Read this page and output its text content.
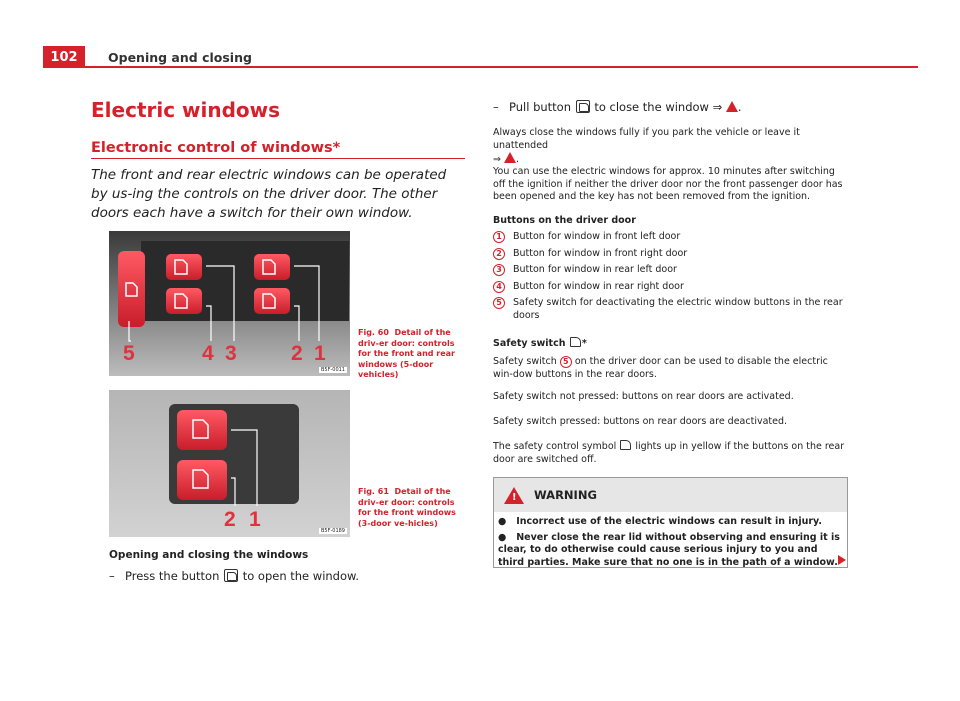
102	Opening and closing
Electric windows
Electronic control of windows*
The front and rear electric windows can be operated by us-ing the controls on the driver door. The other doors each have a switch for their own window.
5	4 3	2 1
B5F-0011
Fig. 60 Detail of the driv-er door: controls for the front and rear windows (5-door vehicles)
2 1	B5F-0189
Fig. 61 Detail of the driv-er door: controls for the front windows (3-door ve-hicles)
Opening and closing the windows
– Press the button to open the window.
– Pull button to close the window ⇒ .
Always close the windows fully if you park the vehicle or leave it unattended
⇒ .
You can use the electric windows for approx. 10 minutes after switching off the ignition if neither the driver door nor the front passenger door has been opened and the key has not been removed from the ignition.
Buttons on the driver door
1	Button for window in front left door
2	Button for window in front right door
3	Button for window in rear left door
4	Button for window in rear right door
5	Safety switch for deactivating the electric window buttons in the rear doors
Safety switch *
Safety switch 5 on the driver door can be used to disable the electric win-dow buttons in the rear doors.
Safety switch not pressed: buttons on rear doors are activated.
Safety switch pressed: buttons on rear doors are deactivated.
The safety control symbol lights up in yellow if the buttons on the rear door are switched off.
!
WARNING
●   Incorrect use of the electric windows can result in injury.
●   Never close the rear lid without observing and ensuring it is clear, to do otherwise could cause serious injury to you and third parties. Make sure that no one is in the path of a window.
